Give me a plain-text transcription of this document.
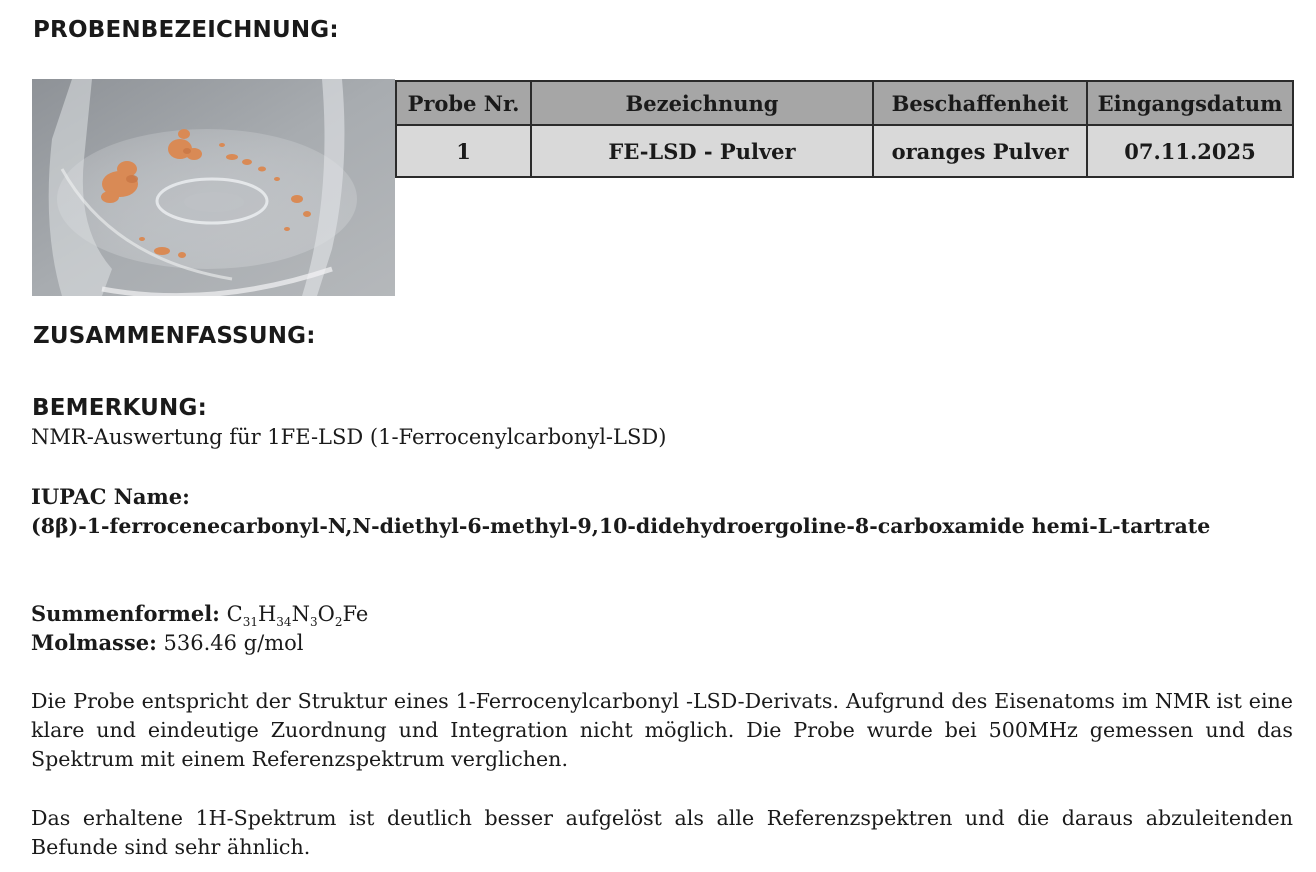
PROBENBEZEICHNUNG:
Probe Nr.	Bezeichnung	Beschaffenheit	Eingangsdatum
1	FE-LSD - Pulver	oranges Pulver	07.11.2025
ZUSAMMENFASSUNG:
BEMERKUNG:

NMR-Auswertung für 1FE-LSD (1-Ferrocenylcarbonyl-LSD)

IUPAC Name:

(8β)-1-ferrocenecarbonyl-N,N-diethyl-6-methyl-9,10-didehydroergoline-8-carboxamide hemi-L-tartrate

Summenformel: $C_{31}H_{34}N_3O_2Fe$

Molmasse: 536.46 g/mol

Die Probe entspricht der Struktur eines 1-Ferrocenylcarbonyl -LSD-Derivats. Aufgrund des Eisenatoms im NMR ist eine klare und eindeutige Zuordnung und Integration nicht möglich. Die Probe wurde bei 500MHz gemessen und das Spektrum mit einem Referenzspektrum verglichen.

Das erhaltene 1H-Spektrum ist deutlich besser aufgelöst als alle Referenzspektren und die daraus abzuleitenden Befunde sind sehr ähnlich.
